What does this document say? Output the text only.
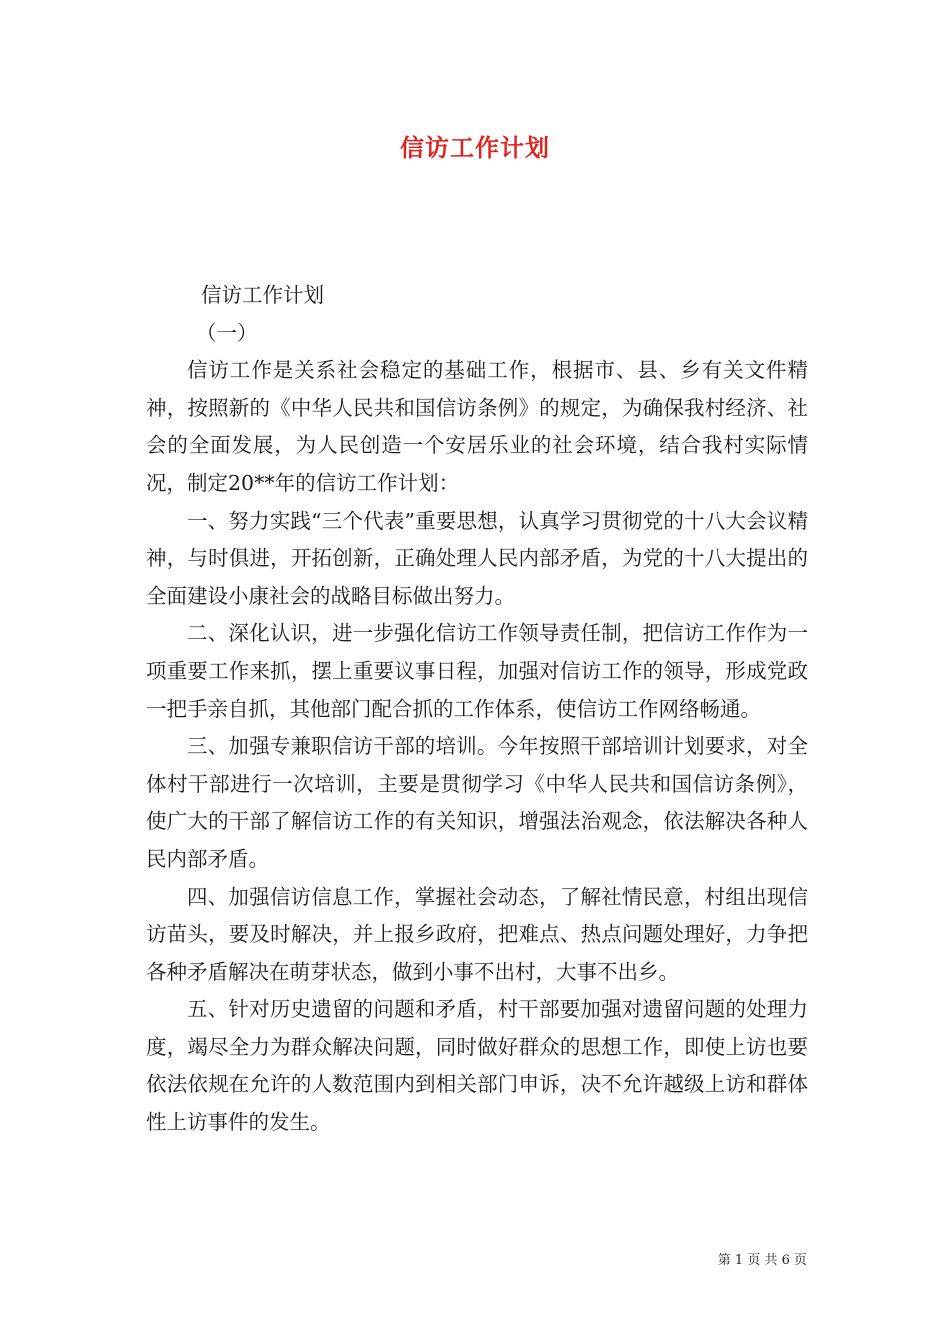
信访工作计划

信访工作计划

（一）

信访工作是关系社会稳定的基础工作，根据市、县、乡有关文件精神，按照新的《中华人民共和国信访条例》的规定，为确保我村经济、社会的全面发展，为人民创造一个安居乐业的社会环境，结合我村实际情况，制定20**年的信访工作计划：

一、努力实践“三个代表”重要思想，认真学习贯彻党的十八大会议精神，与时俱进，开拓创新，正确处理人民内部矛盾，为党的十八大提出的全面建设小康社会的战略目标做出努力。

二、深化认识，进一步强化信访工作领导责任制，把信访工作作为一项重要工作来抓，摆上重要议事日程，加强对信访工作的领导，形成党政一把手亲自抓，其他部门配合抓的工作体系，使信访工作网络畅通。

三、加强专兼职信访干部的培训。今年按照干部培训计划要求，对全体村干部进行一次培训，主要是贯彻学习《中华人民共和国信访条例》，使广大的干部了解信访工作的有关知识，增强法治观念，依法解决各种人民内部矛盾。

四、加强信访信息工作，掌握社会动态，了解社情民意，村组出现信访苗头，要及时解决，并上报乡政府，把难点、热点问题处理好，力争把各种矛盾解决在萌芽状态，做到小事不出村，大事不出乡。

五、针对历史遗留的问题和矛盾，村干部要加强对遗留问题的处理力度，竭尽全力为群众解决问题，同时做好群众的思想工作，即使上访也要依法依规在允许的人数范围内到相关部门申诉，决不允许越级上访和群体性上访事件的发生。

第 1 页 共 6 页
